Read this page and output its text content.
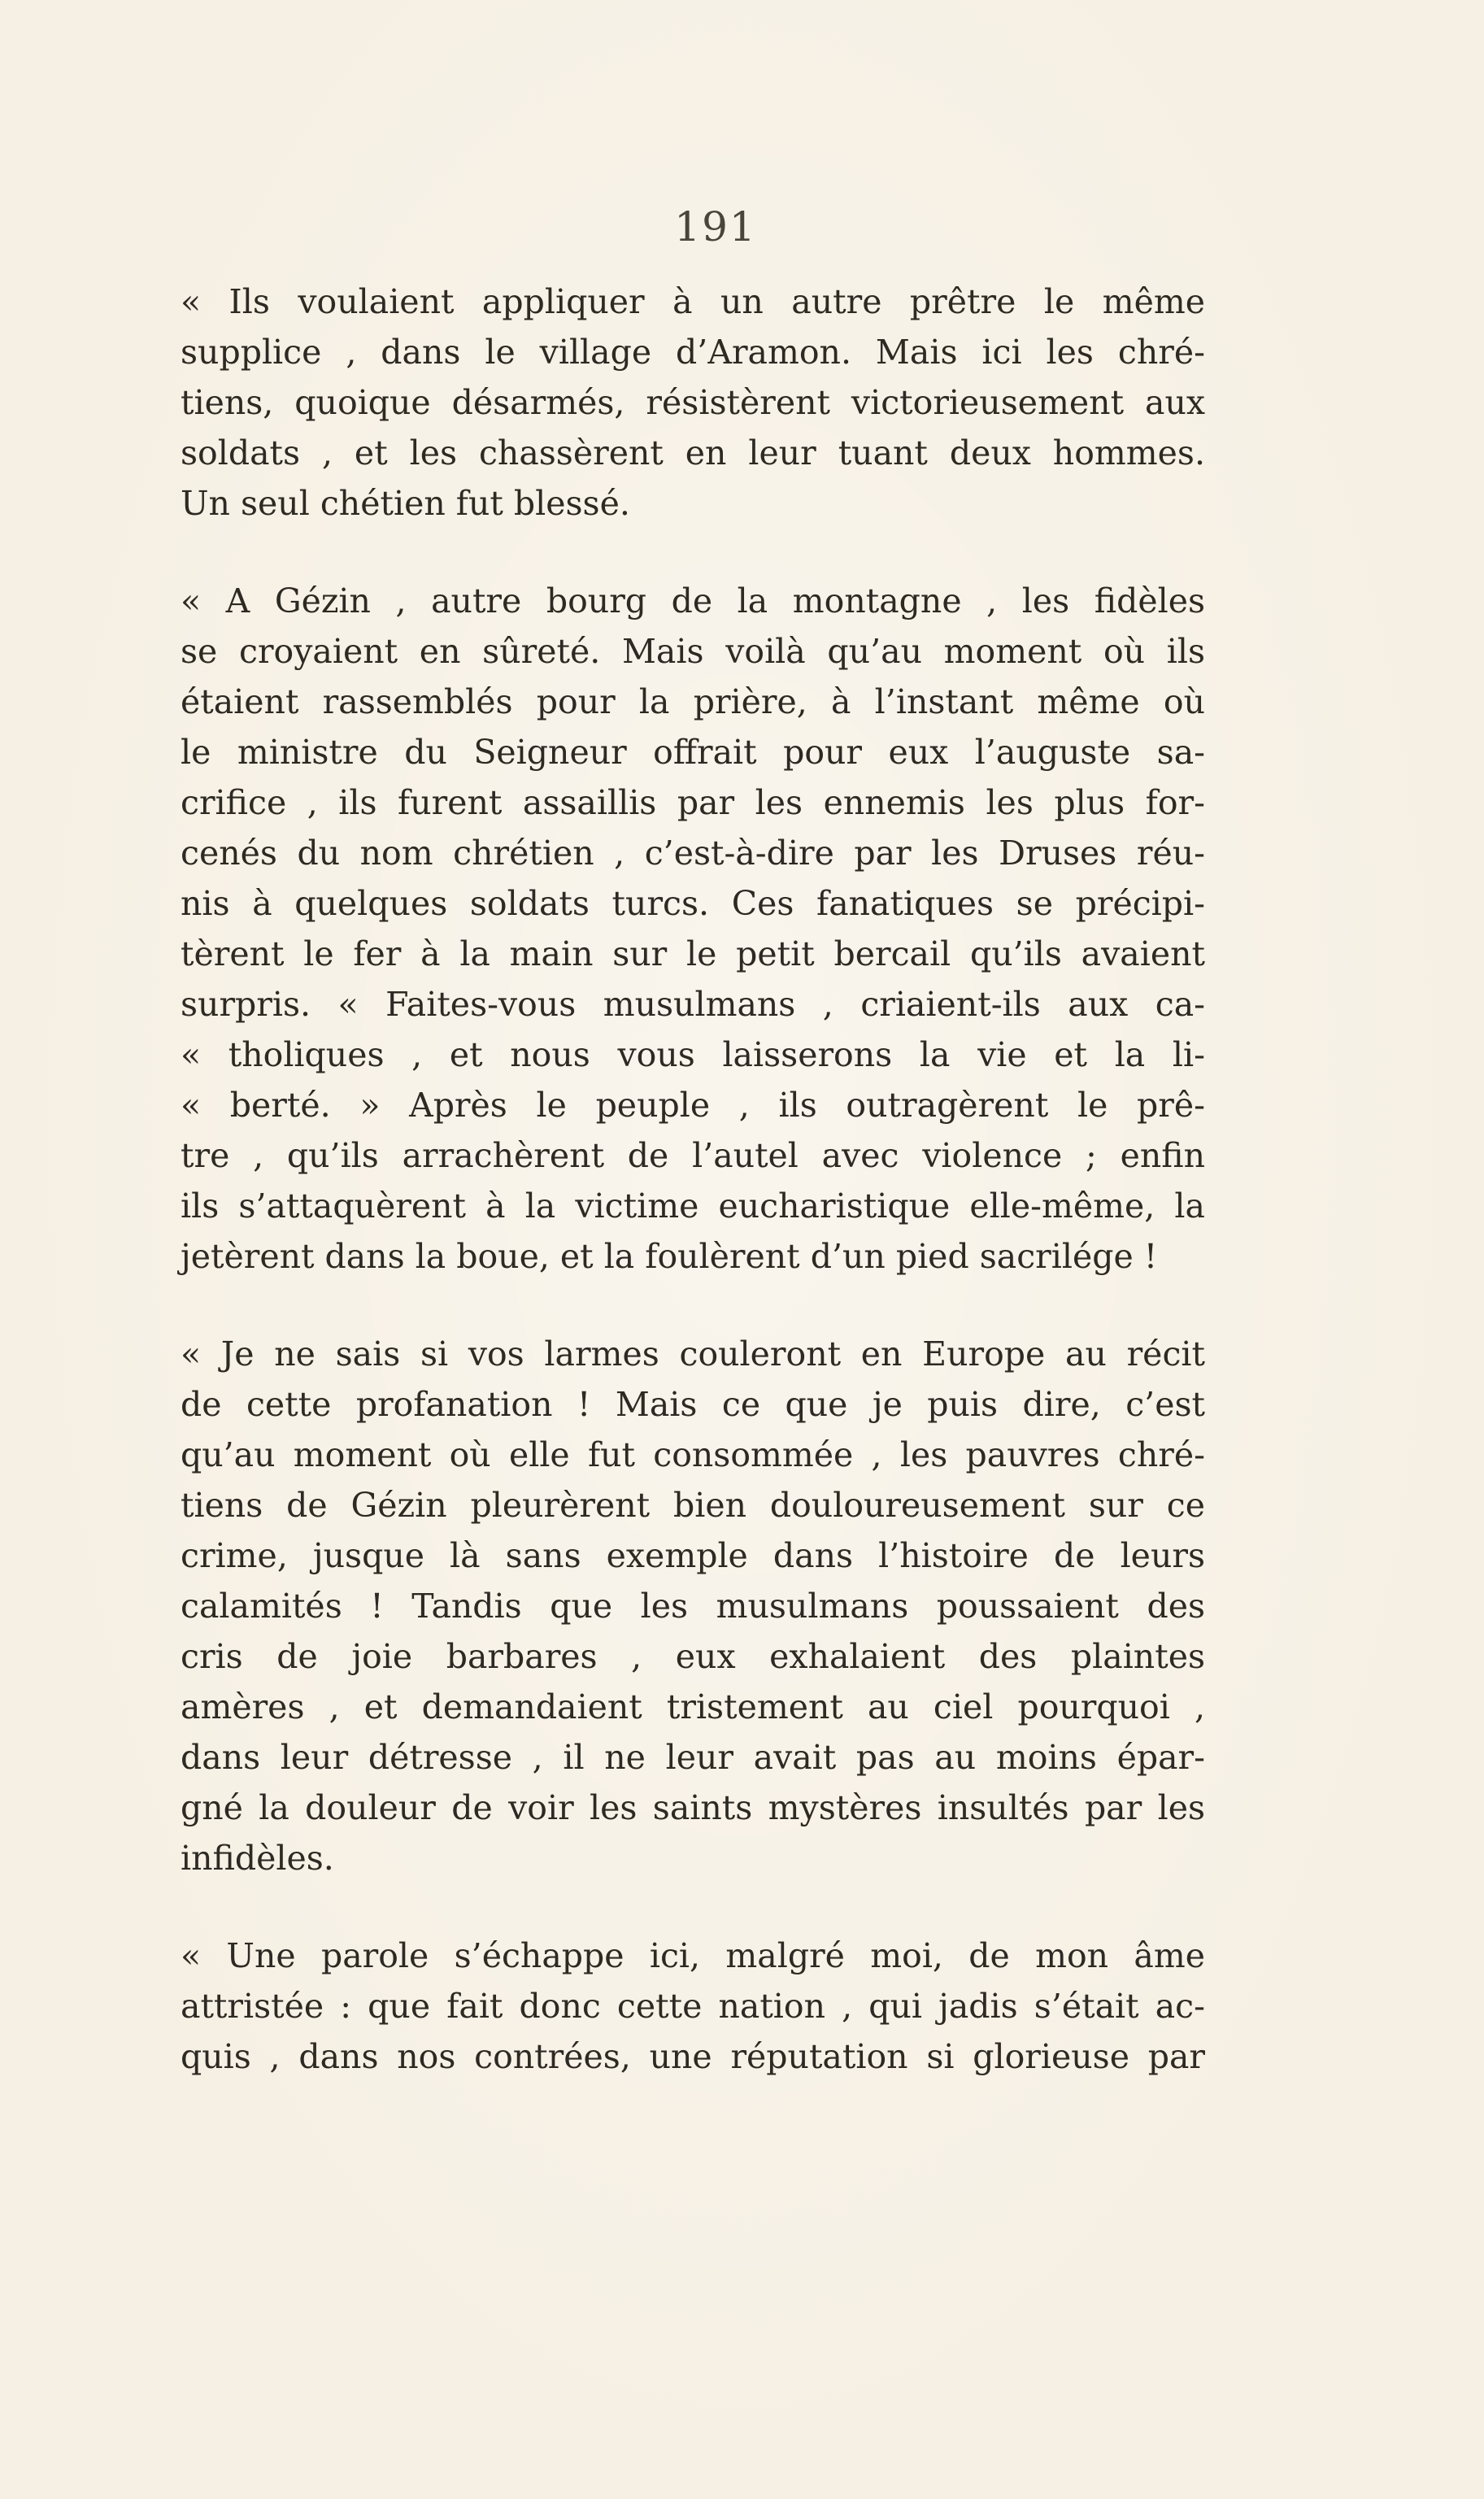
191
« Ils voulaient appliquer à un autre prêtre le même
supplice , dans le village d’Aramon. Mais ici les chré-
tiens, quoique désarmés, résistèrent victorieusement aux
soldats , et les chassèrent en leur tuant deux hommes.
Un seul chétien fut blessé.
« A Gézin , autre bourg de la montagne , les fidèles
se croyaient en sûreté. Mais voilà qu’au moment où ils
étaient rassemblés pour la prière, à l’instant même où
le ministre du Seigneur offrait pour eux l’auguste sa-
crifice , ils furent assaillis par les ennemis les plus for-
cenés du nom chrétien , c’est-à-dire par les Druses réu-
nis à quelques soldats turcs. Ces fanatiques se précipi-
tèrent le fer à la main sur le petit bercail qu’ils avaient
surpris. « Faites-vous musulmans , criaient-ils aux ca-
« tholiques , et nous vous laisserons la vie et la li-
« berté. » Après le peuple , ils outragèrent le prê-
tre , qu’ils arrachèrent de l’autel avec violence ; enfin
ils s’attaquèrent à la victime eucharistique elle-même, la
jetèrent dans la boue, et la foulèrent d’un pied sacrilége !
« Je ne sais si vos larmes couleront en Europe au récit
de cette profanation ! Mais ce que je puis dire, c’est
qu’au moment où elle fut consommée , les pauvres chré-
tiens de Gézin pleurèrent bien douloureusement sur ce
crime, jusque là sans exemple dans l’histoire de leurs
calamités ! Tandis que les musulmans poussaient des
cris de joie barbares , eux exhalaient des plaintes
amères , et demandaient tristement au ciel pourquoi ,
dans leur détresse , il ne leur avait pas au moins épar-
gné la douleur de voir les saints mystères insultés par les
infidèles.
« Une parole s’échappe ici, malgré moi, de mon âme
attristée : que fait donc cette nation , qui jadis s’était ac-
quis , dans nos contrées, une réputation si glorieuse par
